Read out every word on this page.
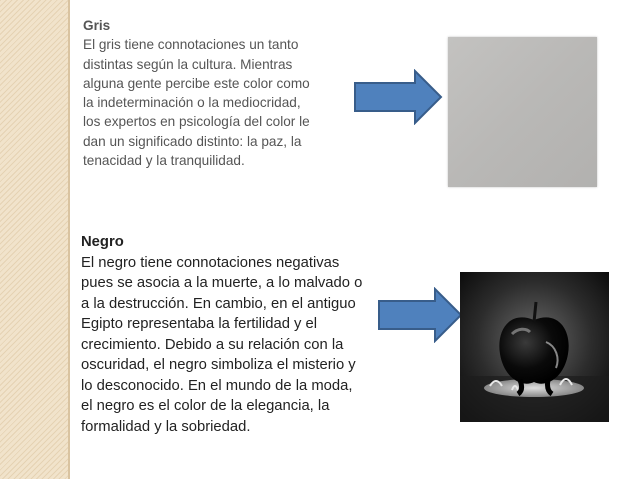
Gris
El gris tiene connotaciones un tanto
distintas según la cultura. Mientras
alguna gente percibe este color como
la indeterminación o la mediocridad,
los expertos en psicología del color le
dan un significado distinto: la paz, la
tenacidad y la tranquilidad.
Negro
El negro tiene connotaciones negativas
pues se asocia a la muerte, a lo malvado o
a la destrucción. En cambio, en el antiguo
Egipto representaba la fertilidad y el
crecimiento. Debido a su relación con la
oscuridad, el negro simboliza el misterio y
lo desconocido. En el mundo de la moda,
el negro es el color de la elegancia, la
formalidad y la sobriedad.
